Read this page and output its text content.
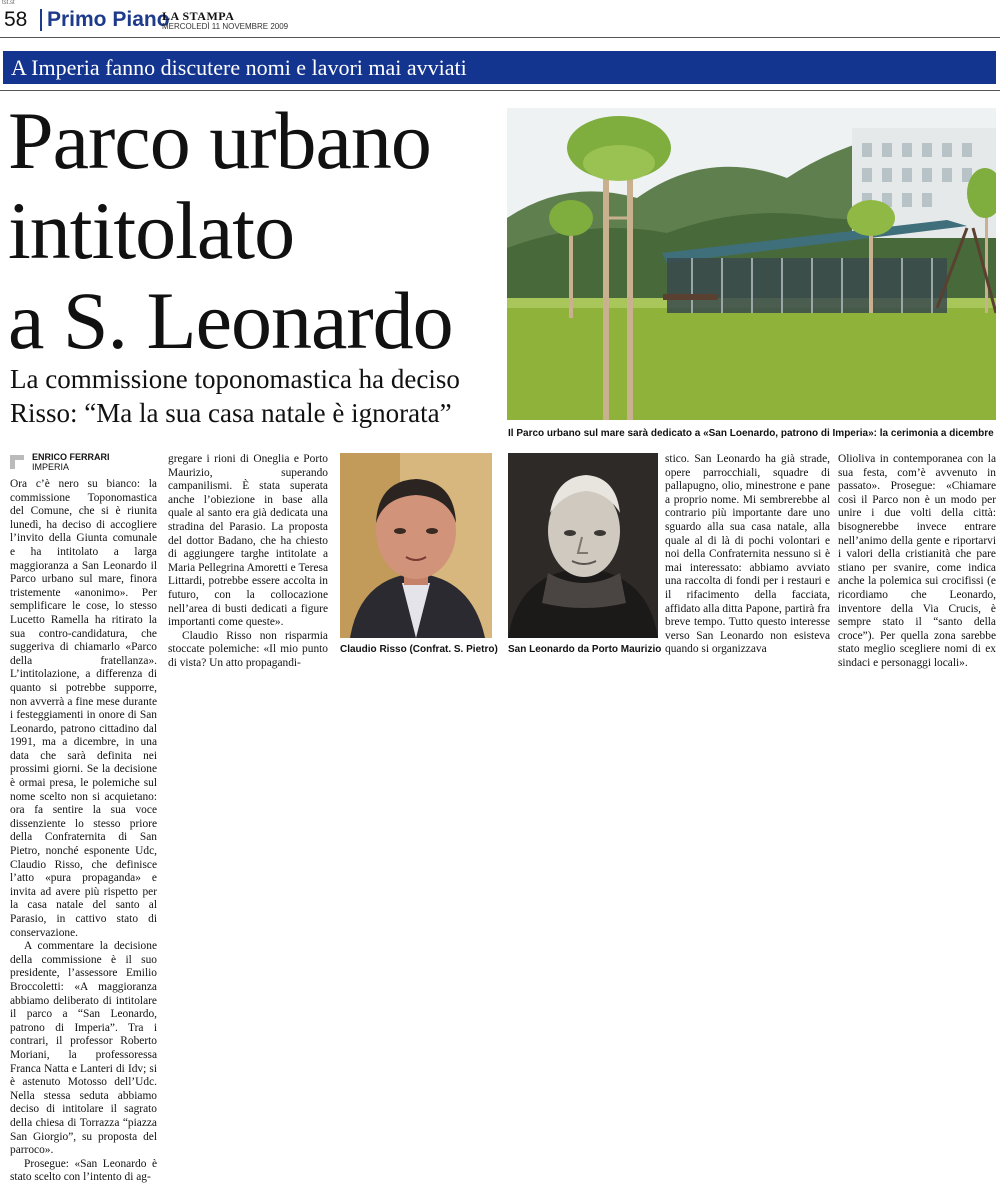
tst.st
58 Primo Piano
LA STAMPA
MERCOLEDÌ 11 NOVEMBRE 2009
A Imperia fanno discutere nomi e lavori mai avviati
Parco urbano
intitolato
a S. Leonardo
La commissione toponomastica ha deciso
Risso: “Ma la sua casa natale è ignorata”
Il Parco urbano sul mare sarà dedicato a «San Loenardo, patrono di Imperia»: la cerimonia a dicembre
ENRICO FERRARI
IMPERIA

Ora c’è nero su bianco: la commissione Toponomastica del Comune, che si è riunita lunedì, ha deciso di accogliere l’invito della Giunta comunale e ha intitolato a larga maggioranza a San Leonardo il Parco urbano sul mare, finora tristemente «anonimo». Per semplificare le cose, lo stesso Lucetto Ramella ha ritirato la sua contro-candidatura, che suggeriva di chiamarlo «Parco della fratellanza». L’intitolazione, a differenza di quanto si potrebbe supporre, non avverrà a fine mese durante i festeggiamenti in onore di San Leonardo, patrono cittadino dal 1991, ma a dicembre, in una data che sarà definita nei prossimi giorni. Se la decisione è ormai presa, le polemiche sul nome scelto non si acquietano: ora fa sentire la sua voce dissenziente lo stesso priore della Confraternita di San Pietro, nonché esponente Udc, Claudio Risso, che definisce l’atto «pura propaganda» e invita ad avere più rispetto per la casa natale del santo al Parasio, in cattivo stato di conservazione.

A commentare la decisione della commissione è il suo presidente, l’assessore Emilio Broccoletti: «A maggioranza abbiamo deliberato di intitolare il parco a “San Leonardo, patrono di Imperia”. Tra i contrari, il professor Roberto Moriani, la professoressa Franca Natta e Lanteri di Idv; si è astenuto Motosso dell’Udc. Nella stessa seduta abbiamo deciso di intitolare il sagrato della chiesa di Torrazza “piazza San Giorgio”, su proposta del parroco».

Prosegue: «San Leonardo è stato scelto con l’intento di ag-

gregare i rioni di Oneglia e Porto Maurizio, superando campanilismi. È stata superata anche l’obiezione in base alla quale al santo era già dedicata una stradina del Parasio. La proposta del dottor Badano, che ha chiesto di aggiungere targhe intitolate a Maria Pellegrina Amoretti e Teresa Littardi, potrebbe essere accolta in futuro, con la collocazione nell’area di busti dedicati a figure importanti come queste».

Claudio Risso non risparmia stoccate polemiche: «Il mio punto di vista? Un atto propagandi-

Claudio Risso (Confrat. S. Pietro) San Leonardo da Porto Maurizio

stico. San Leonardo ha già strade, opere parrocchiali, squadre di pallapugno, olio, minestrone e pane a proprio nome. Mi sembrerebbe al contrario più importante dare uno sguardo alla sua casa natale, alla quale al di là di pochi volontari e noi della Confraternita nessuno si è mai interessato: abbiamo avviato una raccolta di fondi per i restauri e il rifacimento della facciata, affidato alla ditta Papone, partirà fra breve tempo. Tutto questo interesse verso San Leonardo non esisteva quando si organizzava

Olioliva in contemporanea con la sua festa, com’è avvenuto in passato». Prosegue: «Chiamare così il Parco non è un modo per unire i due volti della città: bisognerebbe invece entrare nell’animo della gente e riportarvi i valori della cristianità che pare stiano per svanire, come indica anche la polemica sui crocifissi (e ricordiamo che Leonardo, inventore della Via Crucis, è sempre stato il “santo della croce”). Per quella zona sarebbe stato meglio scegliere nomi di ex sindaci e personaggi locali».
